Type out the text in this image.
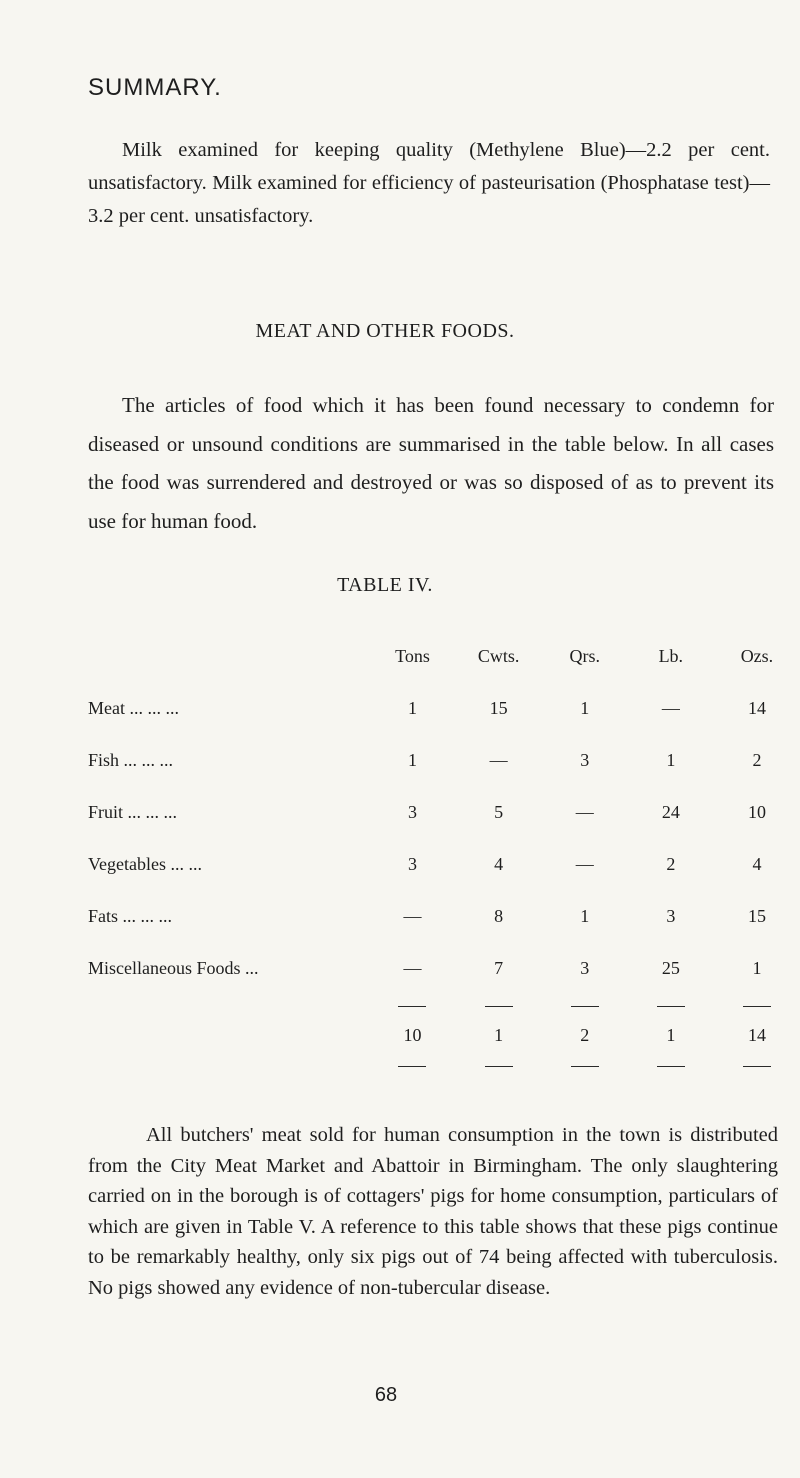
SUMMARY.

Milk examined for keeping quality (Methylene Blue)—2.2 per cent. unsatisfactory. Milk examined for efficiency of pasteurisation (Phosphatase test)—3.2 per cent. unsatisfactory.

MEAT AND OTHER FOODS.

The articles of food which it has been found necessary to condemn for diseased or unsound conditions are summarised in the table below. In all cases the food was surrendered and destroyed or was so disposed of as to prevent its use for human food.

TABLE IV.
	Tons	Cwts.	Qrs.	Lb.	Ozs.
Meat ... ... ...	1	15	1	—	14
Fish ... ... ...	1	—	3	1	2
Fruit ... ... ...	3	5	—	24	10
Vegetables ... ...	3	4	—	2	4
Fats ... ... ...	—	8	1	3	15
Miscellaneous Foods ...	—	7	3	25	1

	10	1	2	1	14

All butchers' meat sold for human consumption in the town is distributed from the City Meat Market and Abattoir in Birmingham. The only slaughtering carried on in the borough is of cottagers' pigs for home consumption, particulars of which are given in Table V. A reference to this table shows that these pigs continue to be remarkably healthy, only six pigs out of 74 being affected with tuberculosis. No pigs showed any evidence of non-tubercular disease.

68
